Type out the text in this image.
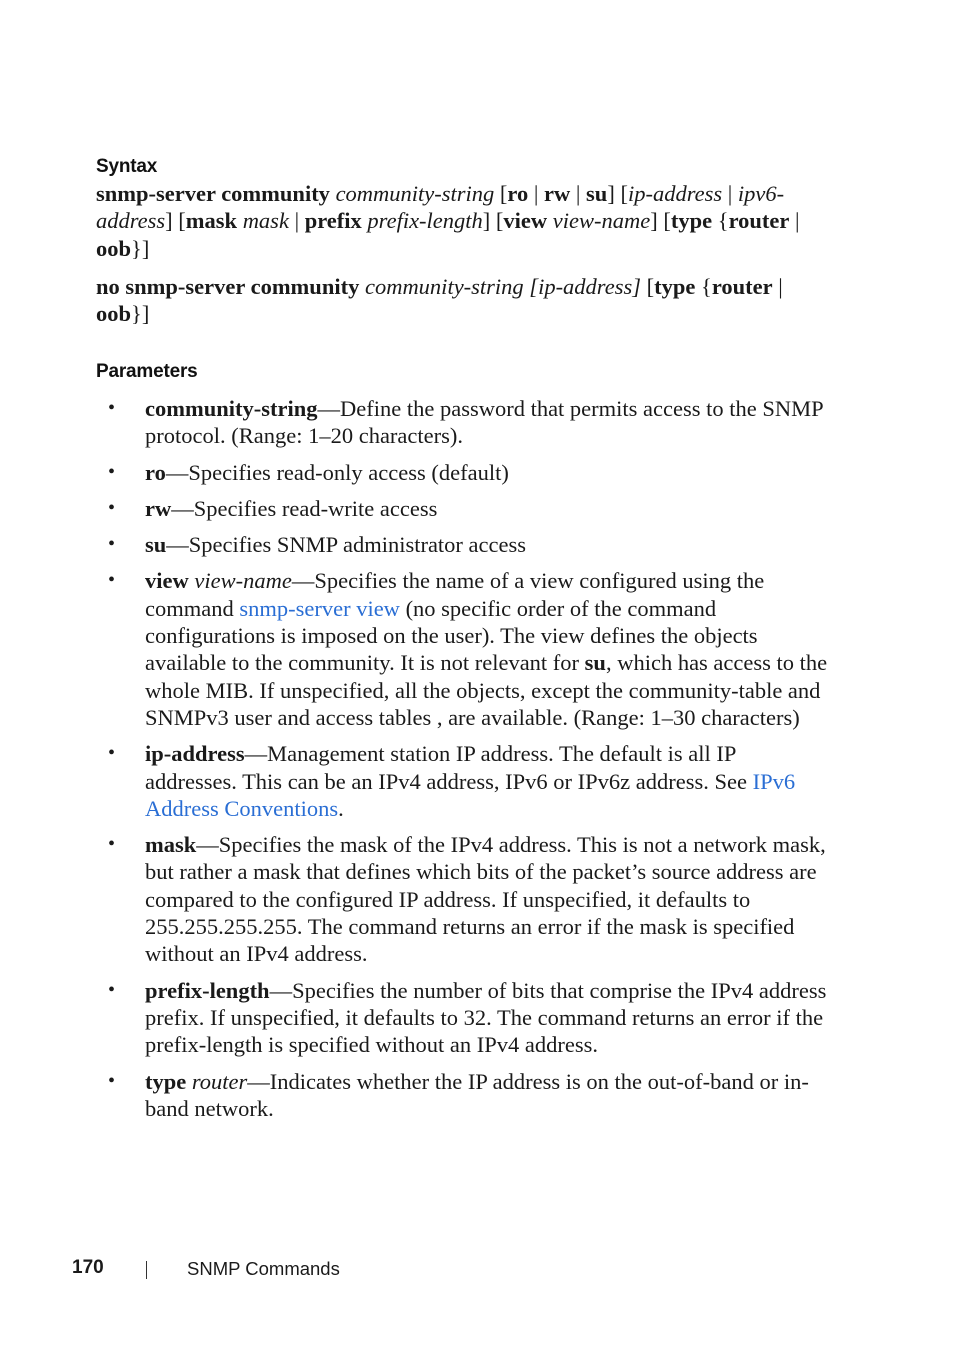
Syntax

snmp-server community community-string [ro | rw | su] [ip-address | ipv6-address] [mask mask | prefix prefix-length] [view view-name] [type {router | oob}]

no snmp-server community community-string [ip-address] [type {router | oob}]

Parameters
• community-string—Define the password that permits access to the SNMP protocol. (Range: 1–20 characters).
• ro—Specifies read-only access (default)
• rw—Specifies read-write access
• su—Specifies SNMP administrator access
• view view-name—Specifies the name of a view configured using the command snmp-server view (no specific order of the command configurations is imposed on the user). The view defines the objects available to the community. It is not relevant for su, which has access to the whole MIB. If unspecified, all the objects, except the community-table and SNMPv3 user and access tables , are available. (Range: 1–30 characters)
• ip-address—Management station IP address. The default is all IP addresses. This can be an IPv4 address, IPv6 or IPv6z address. See IPv6 Address Conventions.
• mask—Specifies the mask of the IPv4 address. This is not a network mask, but rather a mask that defines which bits of the packet’s source address are compared to the configured IP address. If unspecified, it defaults to 255.255.255.255. The command returns an error if the mask is specified without an IPv4 address.
• prefix-length—Specifies the number of bits that comprise the IPv4 address prefix. If unspecified, it defaults to 32. The command returns an error if the prefix-length is specified without an IPv4 address.
• type router—Indicates whether the IP address is on the out-of-band or in-band network.
170	SNMP Commands
